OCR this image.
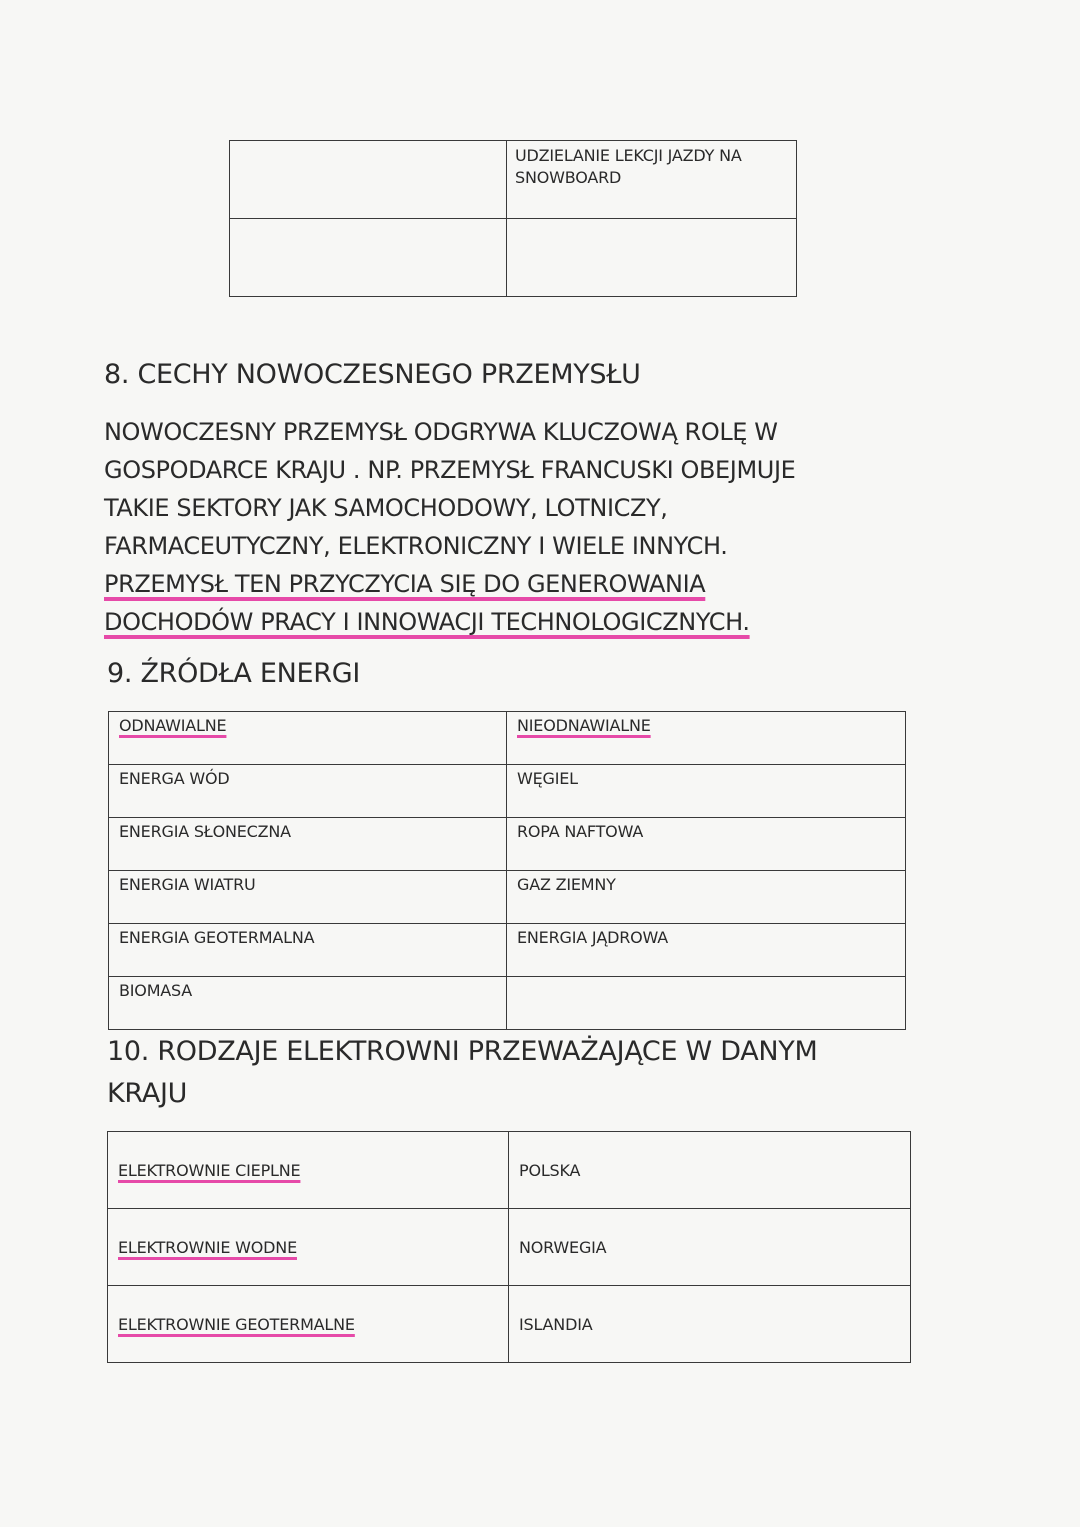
	UDZIELANIE LEKCJI JAZDY NA SNOWBOARD

8. CECHY NOWOCZESNEGO PRZEMYSŁU
NOWOCZESNY PRZEMYSŁ ODGRYWA KLUCZOWĄ ROLĘ W
GOSPODARCE KRAJU . NP. PRZEMYSŁ FRANCUSKI OBEJMUJE
TAKIE SEKTORY JAK SAMOCHODOWY, LOTNICZY,
FARMACEUTYCZNY, ELEKTRONICZNY I WIELE INNYCH.
PRZEMYSŁ TEN PRZYCZYCIA SIĘ DO GENEROWANIA
DOCHODÓW PRACY I INNOWACJI TECHNOLOGICZNYCH.
9. ŹRÓDŁA ENERGI
ODNAWIALNE	NIEODNAWIALNE
ENERGA WÓD	WĘGIEL
ENERGIA SŁONECZNA	ROPA NAFTOWA
ENERGIA WIATRU	GAZ ZIEMNY
ENERGIA GEOTERMALNA	ENERGIA JĄDROWA
BIOMASA	
10. RODZAJE ELEKTROWNI PRZEWAŻAJĄCE W DANYM
KRAJU
ELEKTROWNIE CIEPLNE	POLSKA
ELEKTROWNIE WODNE	NORWEGIA
ELEKTROWNIE GEOTERMALNE	ISLANDIA
